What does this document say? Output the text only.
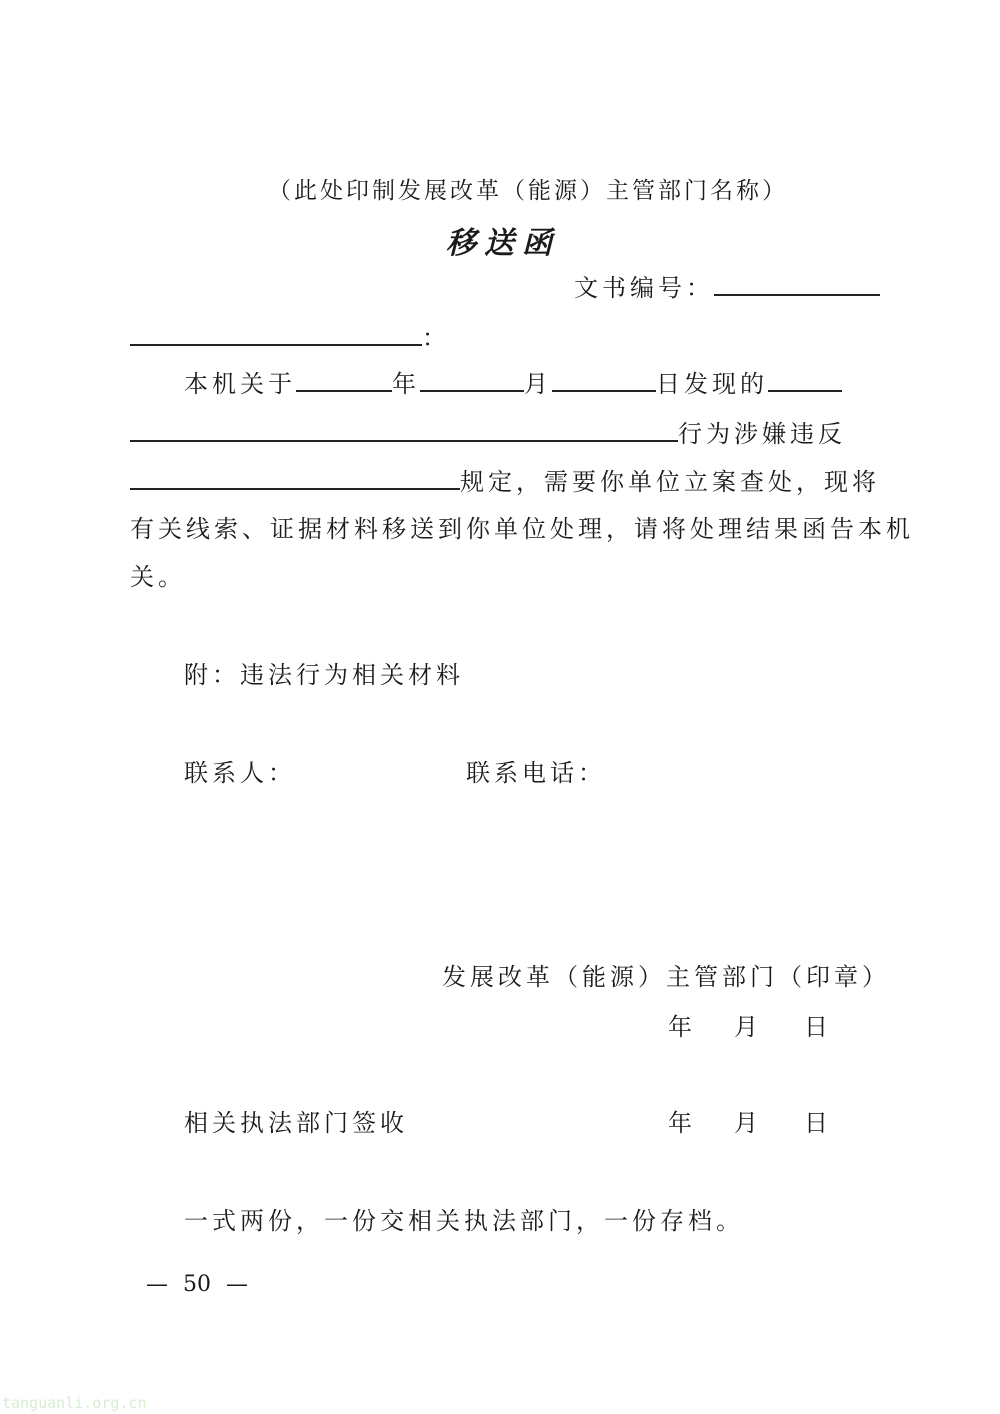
（此处印制发展改革（能源）主管部门名称）
移送函
文书编号：
：
本机关于	年	月	日发现的
行为涉嫌违反
规定，需要你单位立案查处，现将
有关线索、证据材料移送到你单位处理，请将处理结果函告本机
关。
附：违法行为相关材料
联系人：	联系电话：
发展改革（能源）主管部门（印章）
年 月 日
相关执法部门签收	年 月 日
一式两份，一份交相关执法部门，一份存档。
— 50 —
tanguanli.org.cn
